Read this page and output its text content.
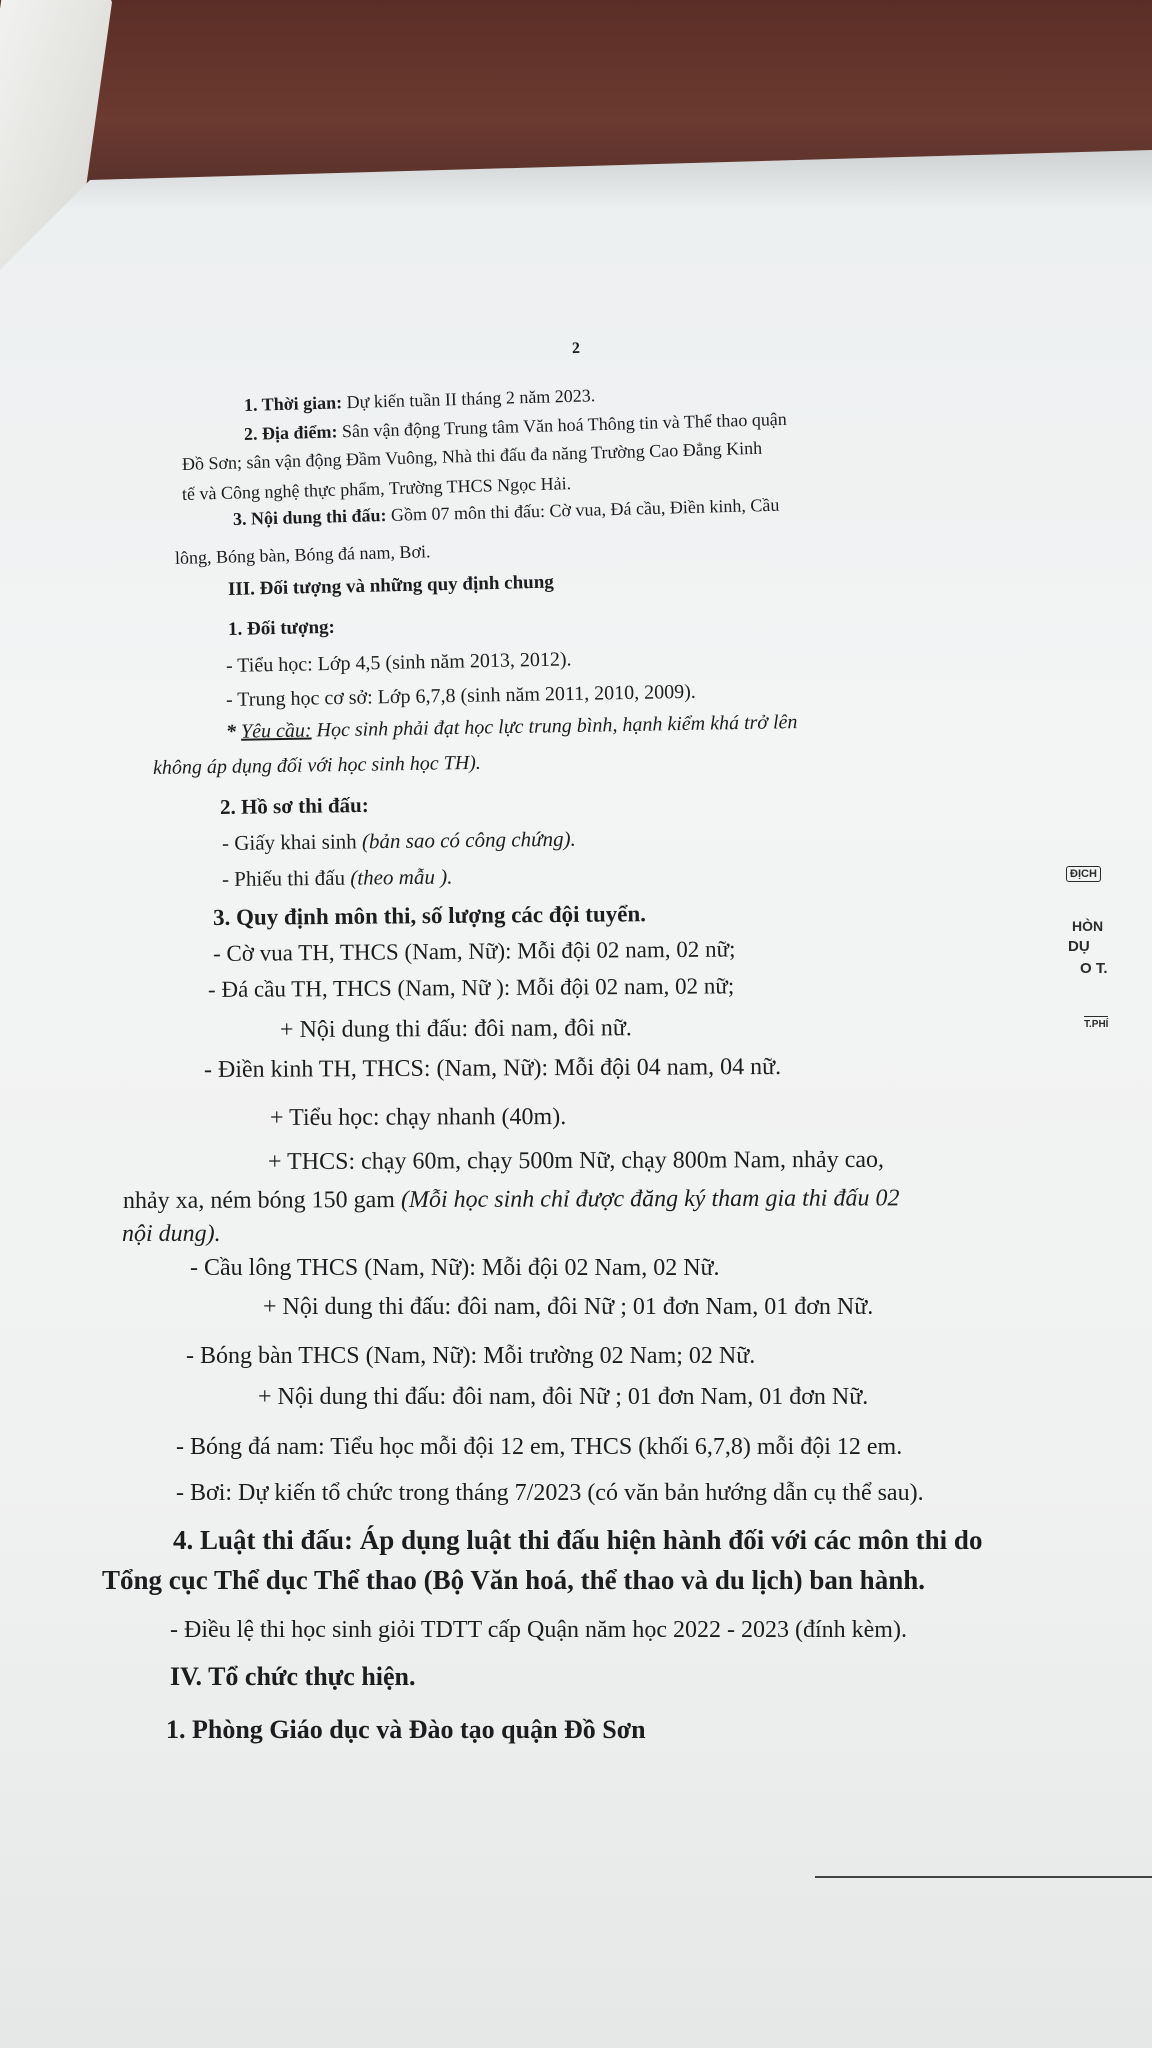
2
1. Thời gian: Dự kiến tuần II tháng 2 năm 2023.
2. Địa điểm: Sân vận động Trung tâm Văn hoá Thông tin và Thể thao quận
Đồ Sơn; sân vận động Đầm Vuông, Nhà thi đấu đa năng Trường Cao Đẳng Kinh
tế và Công nghệ thực phẩm, Trường THCS Ngọc Hải.
3. Nội dung thi đấu: Gồm 07 môn thi đấu: Cờ vua, Đá cầu, Điền kinh, Cầu
lông, Bóng bàn, Bóng đá nam, Bơi.
III. Đối tượng và những quy định chung
1. Đối tượng:
- Tiểu học: Lớp 4,5 (sinh năm 2013, 2012).
- Trung học cơ sở: Lớp 6,7,8 (sinh năm 2011, 2010, 2009).
* Yêu cầu: Học sinh phải đạt học lực trung bình, hạnh kiểm khá trở lên
không áp dụng đối với học sinh học TH).
2. Hồ sơ thi đấu:
- Giấy khai sinh (bản sao có công chứng).
- Phiếu thi đấu (theo mẫu ).
3. Quy định môn thi, số lượng các đội tuyển.
- Cờ vua TH, THCS (Nam, Nữ): Mỗi đội 02 nam, 02 nữ;
- Đá cầu TH, THCS (Nam, Nữ ): Mỗi đội 02 nam, 02 nữ;
+ Nội dung thi đấu: đôi nam, đôi nữ.
- Điền kinh TH, THCS: (Nam, Nữ): Mỗi đội 04 nam, 04 nữ.
+ Tiểu học: chạy nhanh (40m).
+ THCS: chạy 60m, chạy 500m Nữ, chạy 800m Nam, nhảy cao,
nhảy xa, ném bóng 150 gam (Mỗi học sinh chỉ được đăng ký tham gia thi đấu 02
nội dung).
- Cầu lông THCS (Nam, Nữ): Mỗi đội 02 Nam, 02 Nữ.
+ Nội dung thi đấu: đôi nam, đôi Nữ ; 01 đơn Nam, 01 đơn Nữ.
- Bóng bàn THCS (Nam, Nữ): Mỗi trường 02 Nam; 02 Nữ.
+ Nội dung thi đấu: đôi nam, đôi Nữ ; 01 đơn Nam, 01 đơn Nữ.
- Bóng đá nam: Tiểu học mỗi đội 12 em, THCS (khối 6,7,8) mỗi đội 12 em.
- Bơi: Dự kiến tổ chức trong tháng 7/2023 (có văn bản hướng dẫn cụ thể sau).
4. Luật thi đấu: Áp dụng luật thi đấu hiện hành đối với các môn thi do
Tổng cục Thể dục Thể thao (Bộ Văn hoá, thể thao và du lịch) ban hành.
- Điều lệ thi học sinh giỏi TDTT cấp Quận năm học 2022 - 2023 (đính kèm).
IV. Tổ chức thực hiện.
1. Phòng Giáo dục và Đào tạo quận Đồ Sơn
ĐỊCH
HÒN
DỤ
O T.
T.PHÍ
